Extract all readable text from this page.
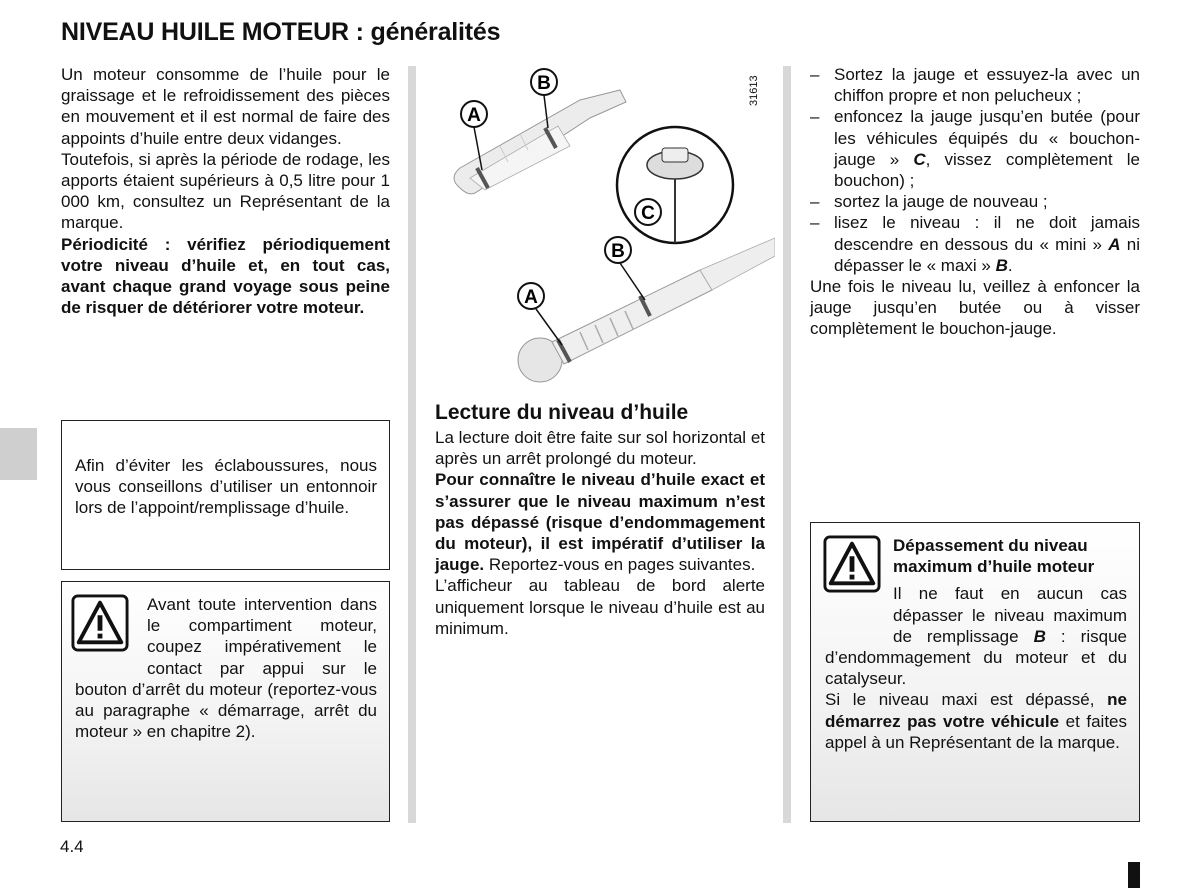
NIVEAU HUILE MOTEUR : généralités
Un moteur consomme de l’huile pour le graissage et le refroidissement des pièces en mouvement et il est normal de faire des appoints d’huile entre deux vidanges.
Toutefois, si après la période de rodage, les apports étaient supérieurs à 0,5 litre pour 1 000 km, consultez un Représentant de la marque.
Périodicité : vérifiez périodiquement votre niveau d’huile et, en tout cas, avant chaque grand voyage sous peine de risquer de détériorer votre moteur.
Afin d’éviter les éclaboussures, nous vous conseillons d’utiliser un entonnoir lors de l’appoint/remplissage d’huile.
Avant toute intervention dans le compartiment moteur, coupez impérativement le contact par appui sur le bouton d’arrêt du moteur (reportez-vous au paragraphe « démarrage, arrêt du moteur » en chapitre 2).
A
B
C
B
A
31613
Lecture du niveau d’huile
La lecture doit être faite sur sol horizontal et après un arrêt prolongé du moteur.
Pour connaître le niveau d’huile exact et s’assurer que le niveau maximum n’est pas dépassé (risque d’endommagement du moteur), il est impératif d’utiliser la jauge. Reportez-vous en pages suivantes.
L’afficheur au tableau de bord alerte uniquement lorsque le niveau d’huile est au minimum.
– Sortez la jauge et essuyez-la avec un chiffon propre et non pelucheux ;
– enfoncez la jauge jusqu’en butée (pour les véhicules équipés du « bouchon-jauge » C, vissez complètement le bouchon) ;
– sortez la jauge de nouveau ;
– lisez le niveau : il ne doit jamais descendre en dessous du « mini » A ni dépasser le « maxi » B.
Une fois le niveau lu, veillez à enfoncer la jauge jusqu’en butée ou à visser complètement le bouchon-jauge.
Dépassement du niveau maximum d’huile moteur
Il ne faut en aucun cas dépasser le niveau maximum de remplissage B : risque d’endommagement du moteur et du catalyseur.
Si le niveau maxi est dépassé, ne démarrez pas votre véhicule et faites appel à un Représentant de la marque.
4.4
